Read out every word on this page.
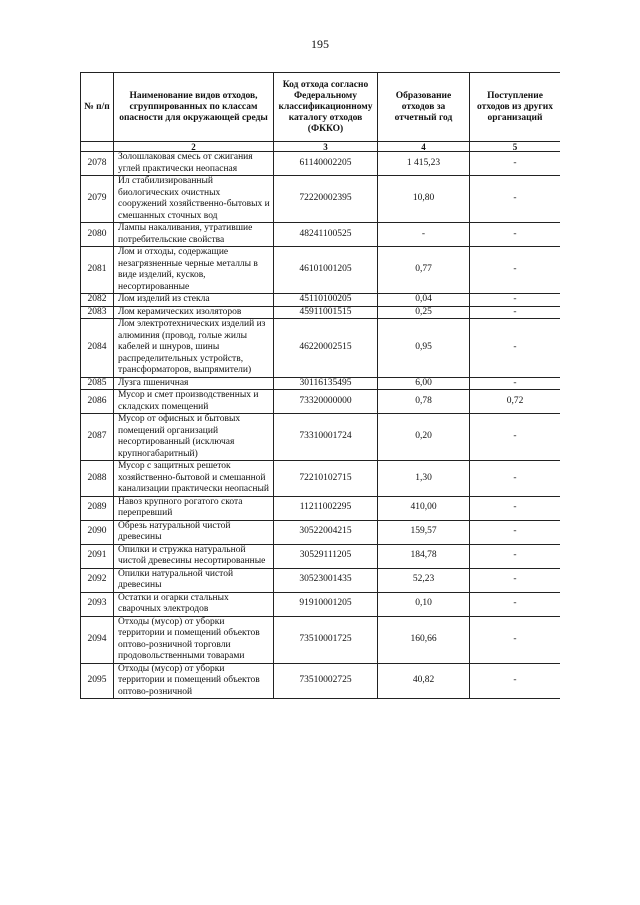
195
№ п/п	Наименование видов отходов, сгруппированных по классам опасности для окружающей среды	Код отхода согласно Федеральному классификационному каталогу отходов (ФККО)	Образование отходов за отчетный год	Поступление отходов из других организаций
	2	3	4	5
2078	Золошлаковая смесь от сжигания углей практически неопасная	61140002205	1 415,23	-
2079	Ил стабилизированный биологических очистных сооружений хозяйственно-бытовых и смешанных сточных вод	72220002395	10,80	-
2080	Лампы накаливания, утратившие потребительские свойства	48241100525	-	-
2081	Лом и отходы, содержащие незагрязненные черные металлы в виде изделий, кусков, несортированные	46101001205	0,77	-
2082	Лом изделий из стекла	45110100205	0,04	-
2083	Лом керамических изоляторов	45911001515	0,25	-
2084	Лом электротехнических изделий из алюминия (провод, голые жилы кабелей и шнуров, шины распределительных устройств, трансформаторов, выпрямители)	46220002515	0,95	-
2085	Лузга пшеничная	30116135495	6,00	-
2086	Мусор и смет производственных и складских помещений	73320000000	0,78	0,72
2087	Мусор от офисных и бытовых помещений организаций несортированный (исключая крупногабаритный)	73310001724	0,20	-
2088	Мусор с защитных решеток хозяйственно-бытовой и смешанной канализации практически неопасный	72210102715	1,30	-
2089	Навоз крупного рогатого скота перепревший	11211002295	410,00	-
2090	Обрезь натуральной чистой древесины	30522004215	159,57	-
2091	Опилки и стружка натуральной чистой древесины несортированные	30529111205	184,78	-
2092	Опилки натуральной чистой древесины	30523001435	52,23	-
2093	Остатки и огарки стальных сварочных электродов	91910001205	0,10	-
2094	Отходы (мусор) от уборки территории и помещений объектов оптово-розничной торговли продовольственными товарами	73510001725	160,66	-
2095	Отходы (мусор) от уборки территории и помещений объектов оптово-розничной	73510002725	40,82	-
